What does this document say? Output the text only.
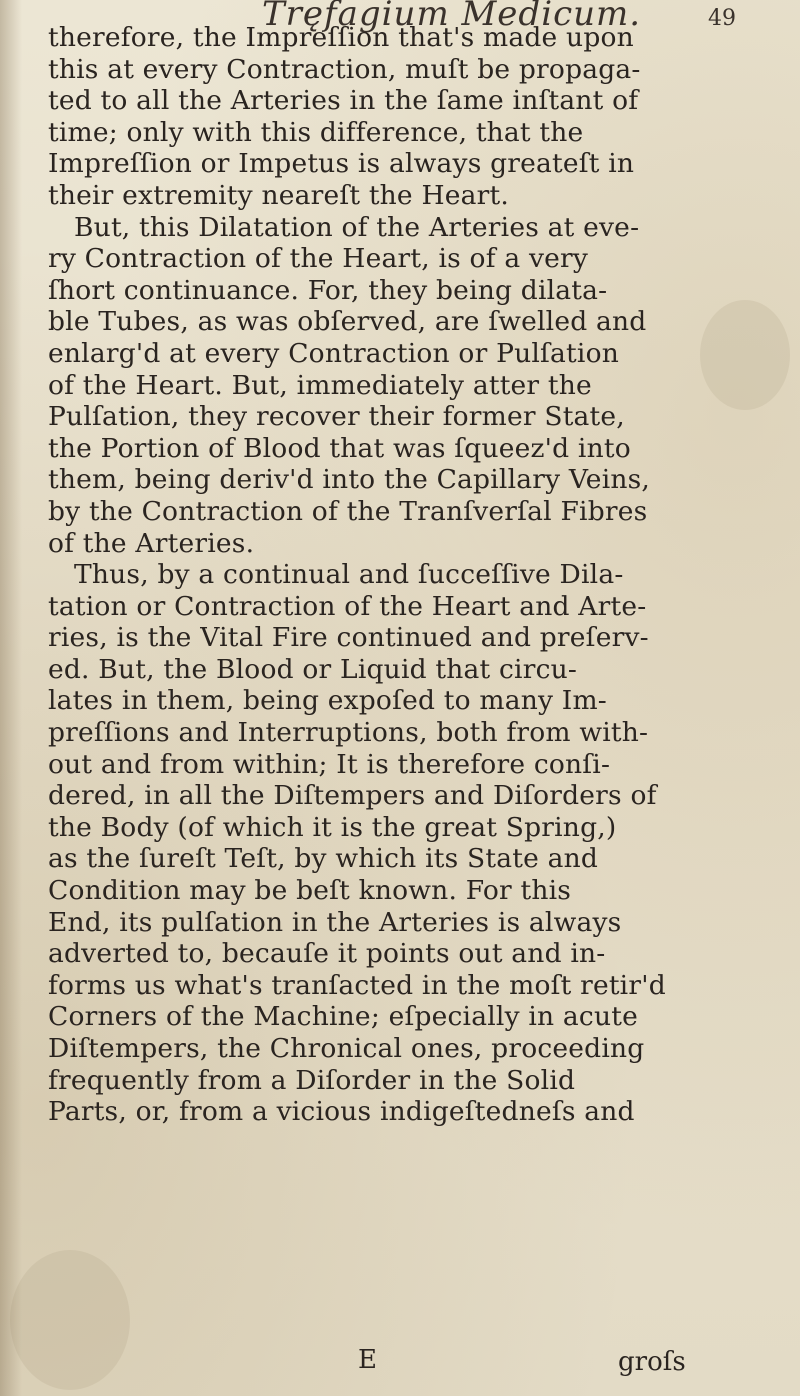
Tręfagium Medicum.	49
therefore, the Impreſſion that's made upon
this at every Contraction, muſt be propaga-
ted to all the Arteries in the ſame inſtant of
time; only with this difference, that the
Impreſſion or Impetus is always greateſt in
their extremity neareſt the Heart.
But, this Dilatation of the Arteries at eve-
ry Contraction of the Heart, is of a very
ſhort continuance. For, they being dilata-
ble Tubes, as was obſerved, are ſwelled and
enlarg'd at every Contraction or Pulſation
of the Heart. But, immediately atter the
Pulſation, they recover their former State,
the Portion of Blood that was ſqueez'd into
them, being deriv'd into the Capillary Veins,
by the Contraction of the Tranſverſal Fibres
of the Arteries.
Thus, by a continual and ſucceſſive Dila-
tation or Contraction of the Heart and Arte-
ries, is the Vital Fire continued and preſerv-
ed. But, the Blood or Liquid that circu-
lates in them, being expoſed to many Im-
preſſions and Interruptions, both from with-
out and from within; It is therefore conſi-
dered, in all the Diſtempers and Diſorders of
the Body (of which it is the great Spring,)
as the ſureſt Teſt, by which its State and
Condition may be beſt known. For this
End, its pulſation in the Arteries is always
adverted to, becauſe it points out and in-
forms us what's tranſacted in the moſt retir'd
Corners of the Machine; eſpecially in acute
Diſtempers, the Chronical ones, proceeding
frequently from a Diſorder in the Solid
Parts, or, from a vicious indigeſtedneſs and
E	groſs
